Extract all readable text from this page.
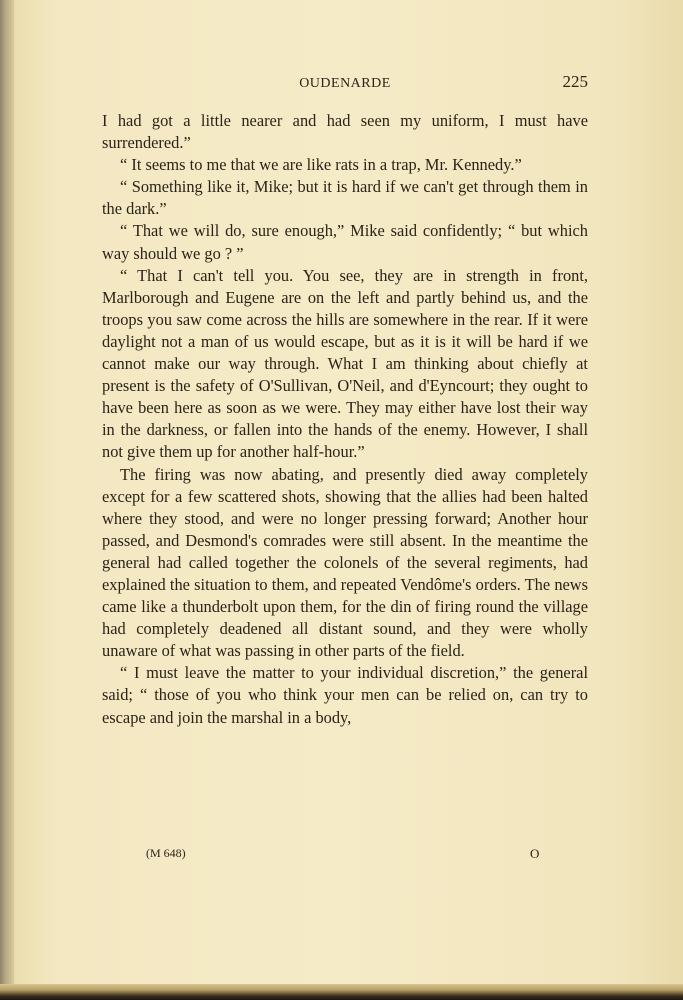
OUDENARDE	225

I had got a little nearer and had seen my uniform, I must have surrendered.”

“ It seems to me that we are like rats in a trap, Mr. Kennedy.”

“ Something like it, Mike; but it is hard if we can't get through them in the dark.”

“ That we will do, sure enough,” Mike said confidently; “ but which way should we go ? ”

“ That I can't tell you. You see, they are in strength in front, Marlborough and Eugene are on the left and partly behind us, and the troops you saw come across the hills are somewhere in the rear. If it were daylight not a man of us would escape, but as it is it will be hard if we cannot make our way through. What I am thinking about chiefly at present is the safety of O'Sullivan, O'Neil, and d'Eyncourt; they ought to have been here as soon as we were. They may either have lost their way in the darkness, or fallen into the hands of the enemy. However, I shall not give them up for another half-hour.”

The firing was now abating, and presently died away completely except for a few scattered shots, showing that the allies had been halted where they stood, and were no longer pressing forward; Another hour passed, and Desmond's comrades were still absent. In the meantime the general had called together the colonels of the several regiments, had explained the situation to them, and repeated Vendôme's orders. The news came like a thunderbolt upon them, for the din of firing round the village had completely deadened all distant sound, and they were wholly unaware of what was passing in other parts of the field.

“ I must leave the matter to your individual discretion,” the general said; “ those of you who think your men can be relied on, can try to escape and join the marshal in a body,

(M 648)	O
